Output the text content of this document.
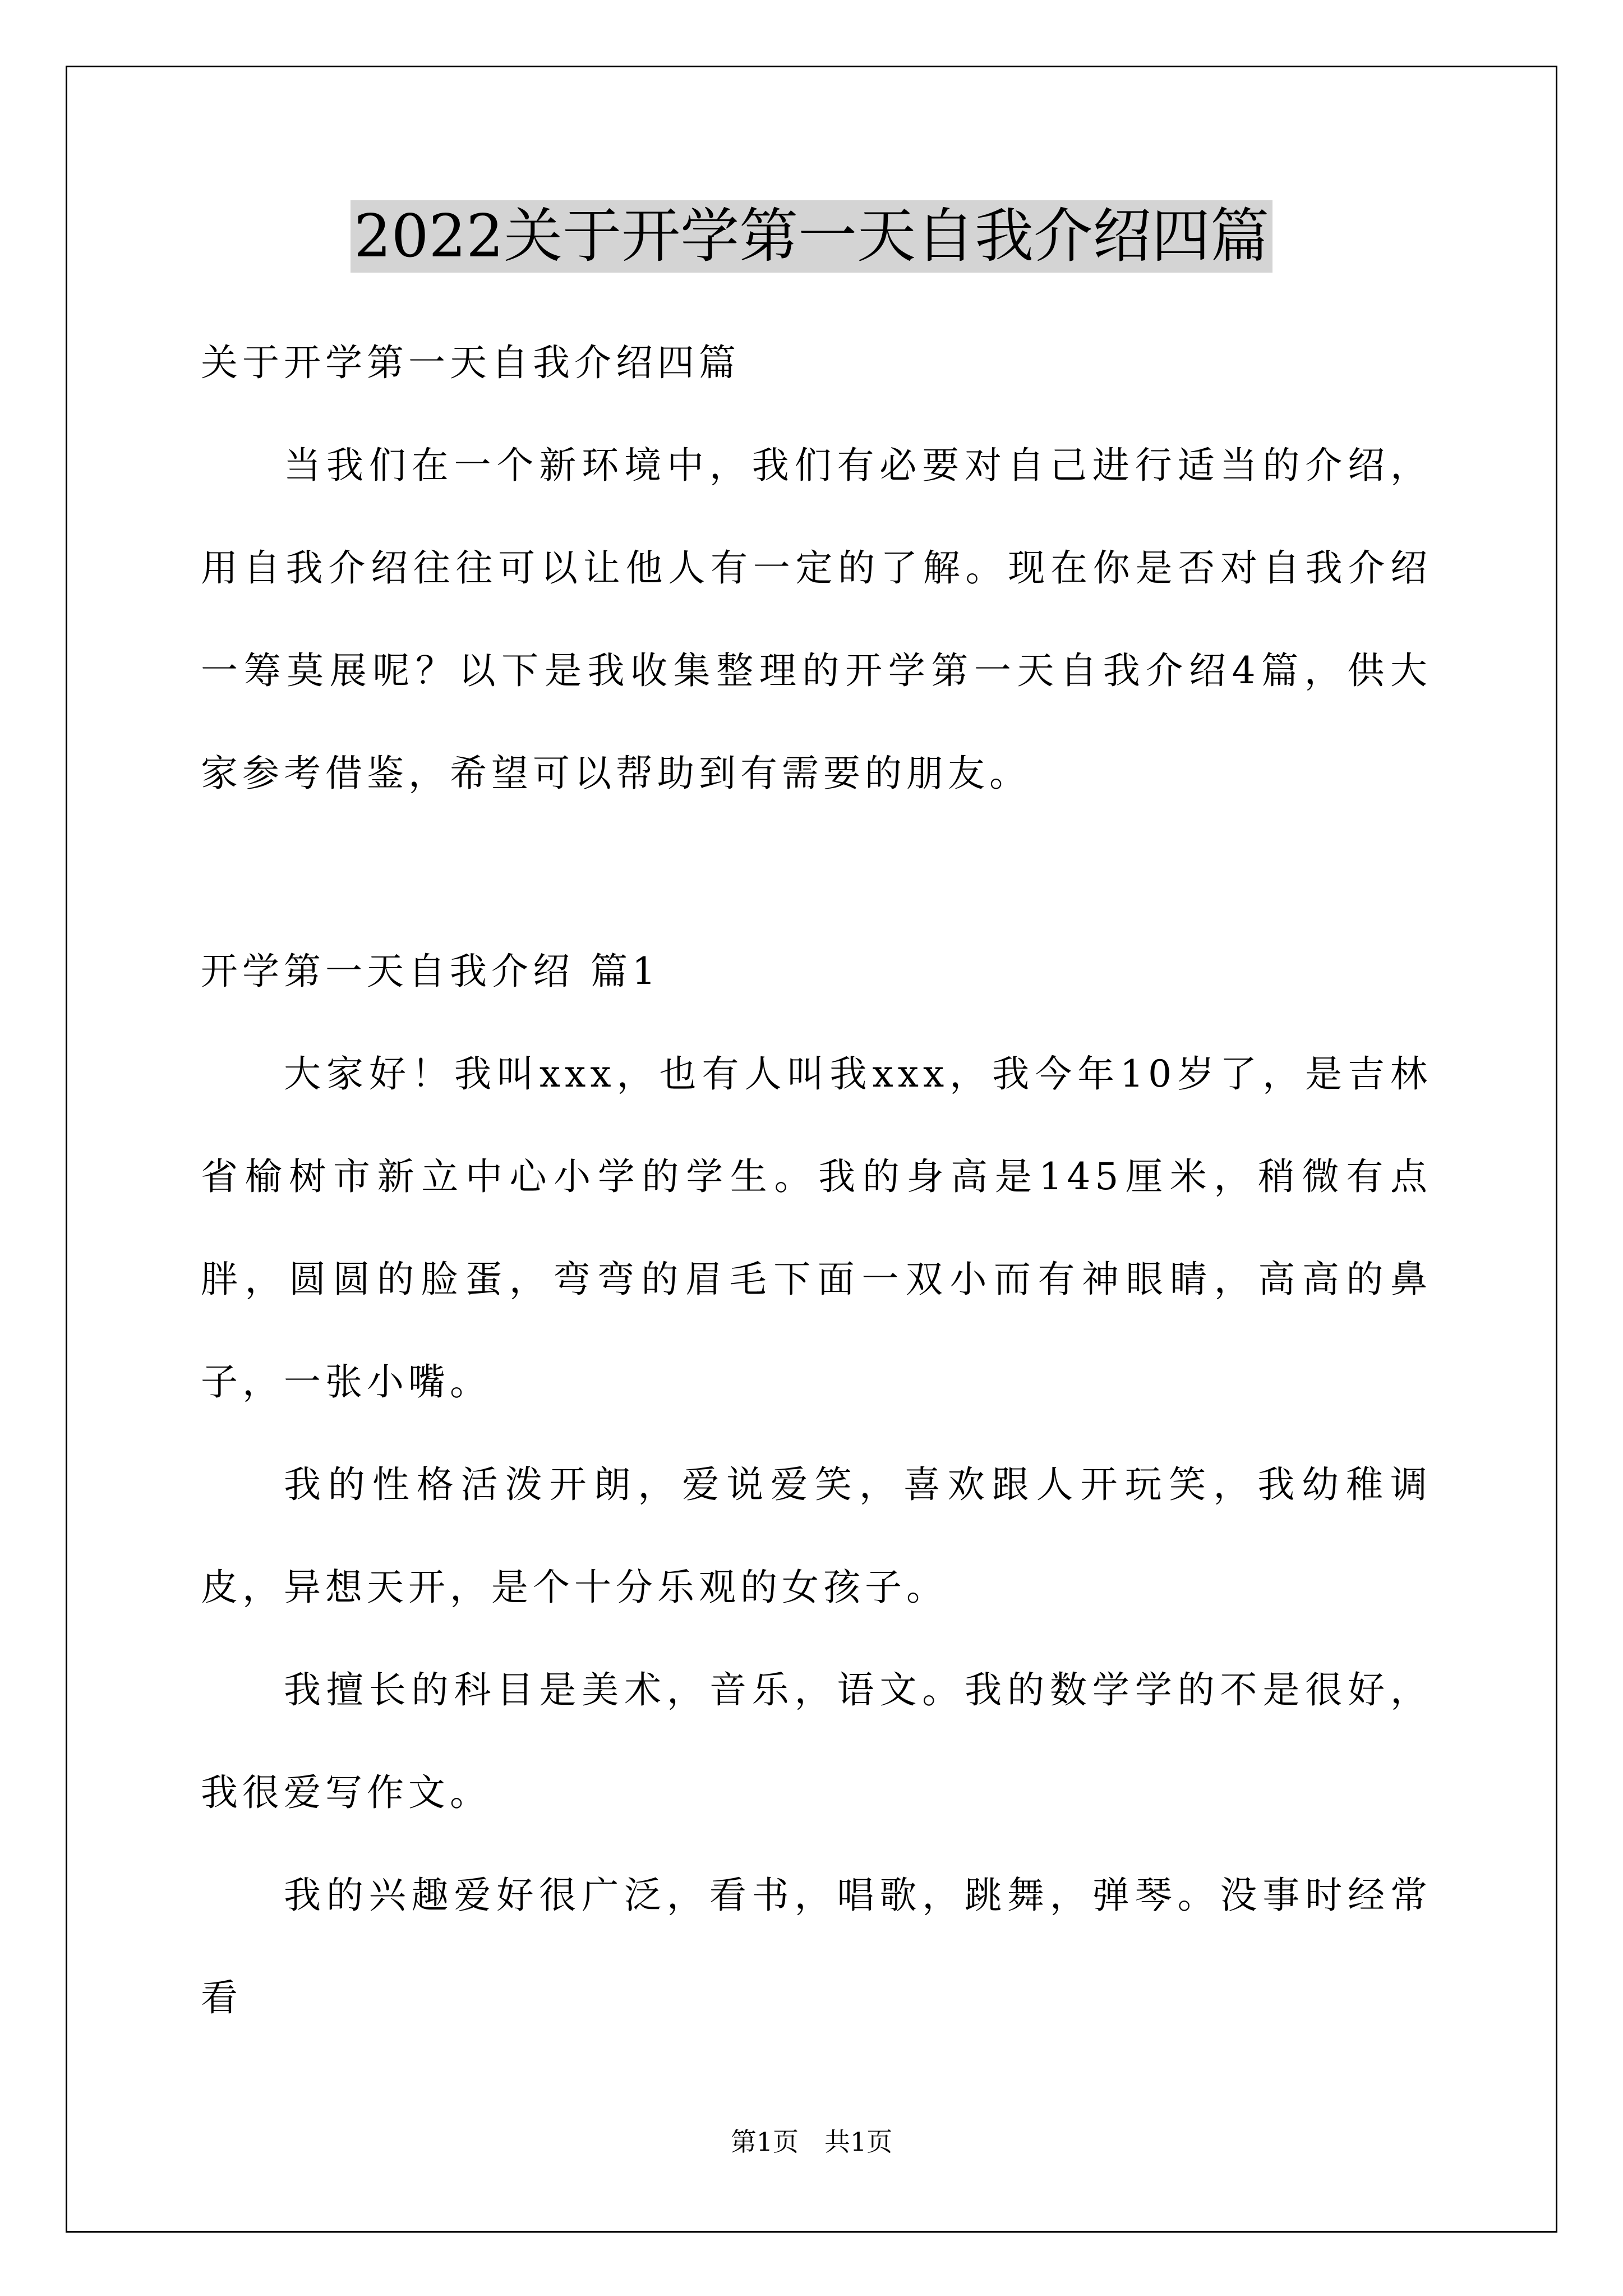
2022关于开学第一天自我介绍四篇

关于开学第一天自我介绍四篇

当我们在一个新环境中，我们有必要对自己进行适当的介绍，用自我介绍往往可以让他人有一定的了解。现在你是否对自我介绍一筹莫展呢？以下是我收集整理的开学第一天自我介绍4篇，供大家参考借鉴，希望可以帮助到有需要的朋友。

开学第一天自我介绍 篇1

大家好！我叫xxx，也有人叫我xxx，我今年10岁了，是吉林省榆树市新立中心小学的学生。我的身高是145厘米，稍微有点胖，圆圆的脸蛋，弯弯的眉毛下面一双小而有神眼睛，高高的鼻子，一张小嘴。

我的性格活泼开朗，爱说爱笑，喜欢跟人开玩笑，我幼稚调皮，异想天开，是个十分乐观的女孩子。

我擅长的科目是美术，音乐，语文。我的数学学的不是很好，我很爱写作文。

我的兴趣爱好很广泛，看书，唱歌，跳舞，弹琴。没事时经常看

第1页　共1页
